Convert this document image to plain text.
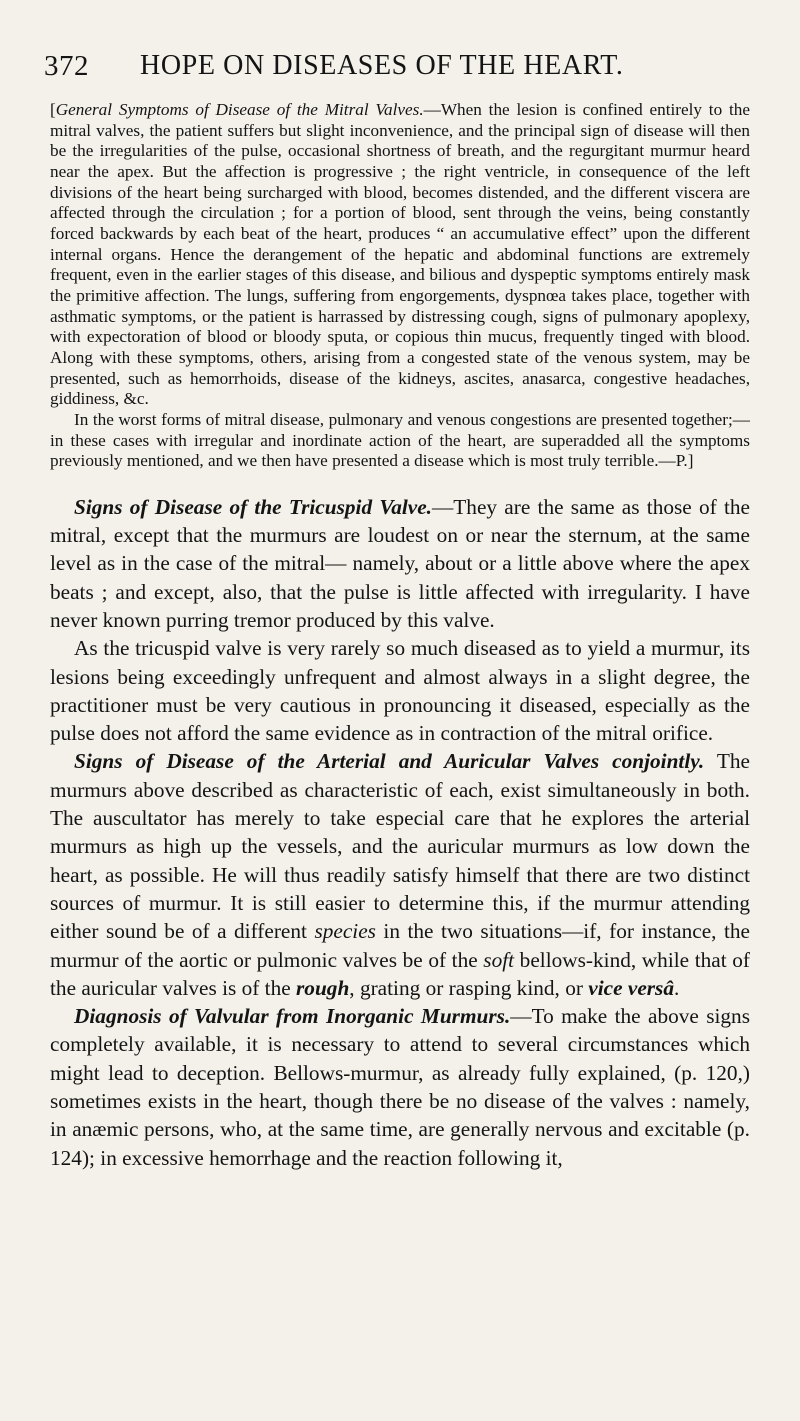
372 HOPE ON DISEASES OF THE HEART.

[General Symptoms of Disease of the Mitral Valves.—When the lesion is confined entirely to the mitral valves, the patient suffers but slight inconvenience, and the principal sign of disease will then be the irregularities of the pulse, occasional shortness of breath, and the regurgitant murmur heard near the apex. But the affection is progressive ; the right ventricle, in consequence of the left divisions of the heart being surcharged with blood, becomes distended, and the different viscera are affected through the circulation ; for a portion of blood, sent through the veins, being constantly forced backwards by each beat of the heart, produces “ an accumulative effect” upon the different internal organs. Hence the derangement of the hepatic and abdominal functions are extremely frequent, even in the earlier stages of this disease, and bilious and dyspeptic symptoms entirely mask the primitive affection. The lungs, suffering from engorgements, dyspnœa takes place, together with asthmatic symptoms, or the patient is harrassed by distressing cough, signs of pulmonary apoplexy, with expectoration of blood or bloody sputa, or copious thin mucus, frequently tinged with blood. Along with these symptoms, others, arising from a congested state of the venous system, may be presented, such as hemorrhoids, disease of the kidneys, ascites, anasarca, congestive headaches, giddiness, &c.

In the worst forms of mitral disease, pulmonary and venous congestions are presented together;—in these cases with irregular and inordinate action of the heart, are superadded all the symptoms previously mentioned, and we then have presented a disease which is most truly terrible.—P.]

Signs of Disease of the Tricuspid Valve.—They are the same as those of the mitral, except that the murmurs are loudest on or near the sternum, at the same level as in the case of the mitral— namely, about or a little above where the apex beats ; and except, also, that the pulse is little affected with irregularity. I have never known purring tremor produced by this valve.

As the tricuspid valve is very rarely so much diseased as to yield a murmur, its lesions being exceedingly unfrequent and almost always in a slight degree, the practitioner must be very cautious in pronouncing it diseased, especially as the pulse does not afford the same evidence as in contraction of the mitral orifice.

Signs of Disease of the Arterial and Auricular Valves conjointly. The murmurs above described as characteristic of each, exist simultaneously in both. The auscultator has merely to take especial care that he explores the arterial murmurs as high up the vessels, and the auricular murmurs as low down the heart, as possible. He will thus readily satisfy himself that there are two distinct sources of murmur. It is still easier to determine this, if the murmur attending either sound be of a different species in the two situations—if, for instance, the murmur of the aortic or pulmonic valves be of the soft bellows-kind, while that of the auricular valves is of the rough, grating or rasping kind, or vice versâ.

Diagnosis of Valvular from Inorganic Murmurs.—To make the above signs completely available, it is necessary to attend to several circumstances which might lead to deception. Bellows-murmur, as already fully explained, (p. 120,) sometimes exists in the heart, though there be no disease of the valves : namely, in anæmic persons, who, at the same time, are generally nervous and excitable (p. 124); in excessive hemorrhage and the reaction following it,
